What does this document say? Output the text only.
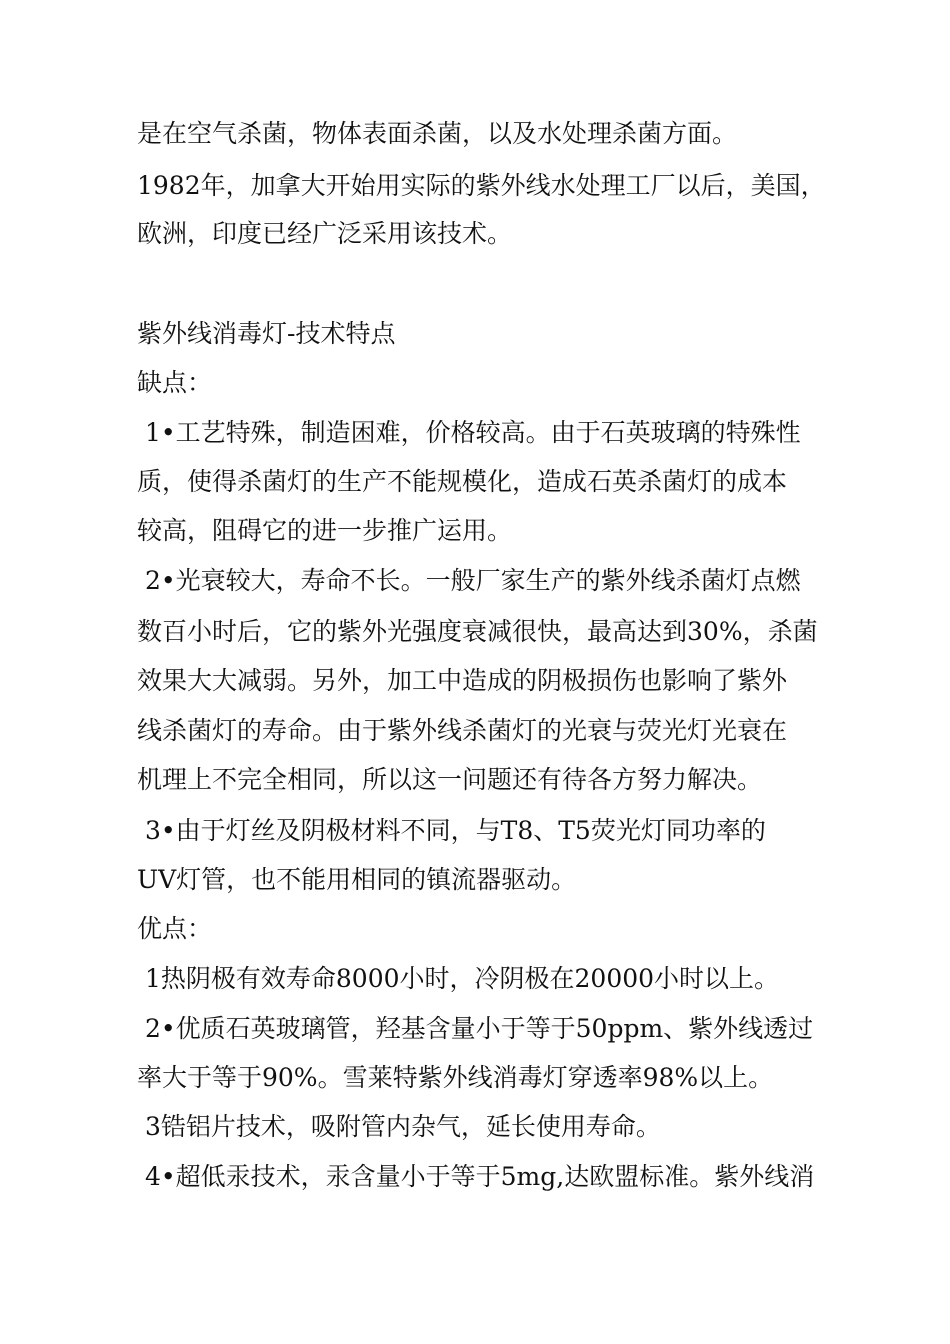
是在空气杀菌，物体表面杀菌，以及水处理杀菌方面。
1982年，加拿大开始用实际的紫外线水处理工厂以后，美国，
欧洲，印度已经广泛采用该技术。
紫外线消毒灯-技术特点
缺点：
1•工艺特殊，制造困难，价格较高。由于石英玻璃的特殊性
质，使得杀菌灯的生产不能规模化，造成石英杀菌灯的成本
较高，阻碍它的进一步推广运用。
2•光衰较大，寿命不长。一般厂家生产的紫外线杀菌灯点燃
数百小时后，它的紫外光强度衰减很快，最高达到30%，杀菌
效果大大减弱。另外，加工中造成的阴极损伤也影响了紫外
线杀菌灯的寿命。由于紫外线杀菌灯的光衰与荧光灯光衰在
机理上不完全相同，所以这一问题还有待各方努力解决。
3•由于灯丝及阴极材料不同，与T8、T5荧光灯同功率的
UV灯管，也不能用相同的镇流器驱动。
优点：
1热阴极有效寿命8000小时，冷阴极在20000小时以上。
2•优质石英玻璃管，羟基含量小于等于50ppm、紫外线透过
率大于等于90%。雪莱特紫外线消毒灯穿透率98%以上。
3锆铝片技术，吸附管内杂气，延长使用寿命。
4•超低汞技术，汞含量小于等于5mg,达欧盟标准。紫外线消
